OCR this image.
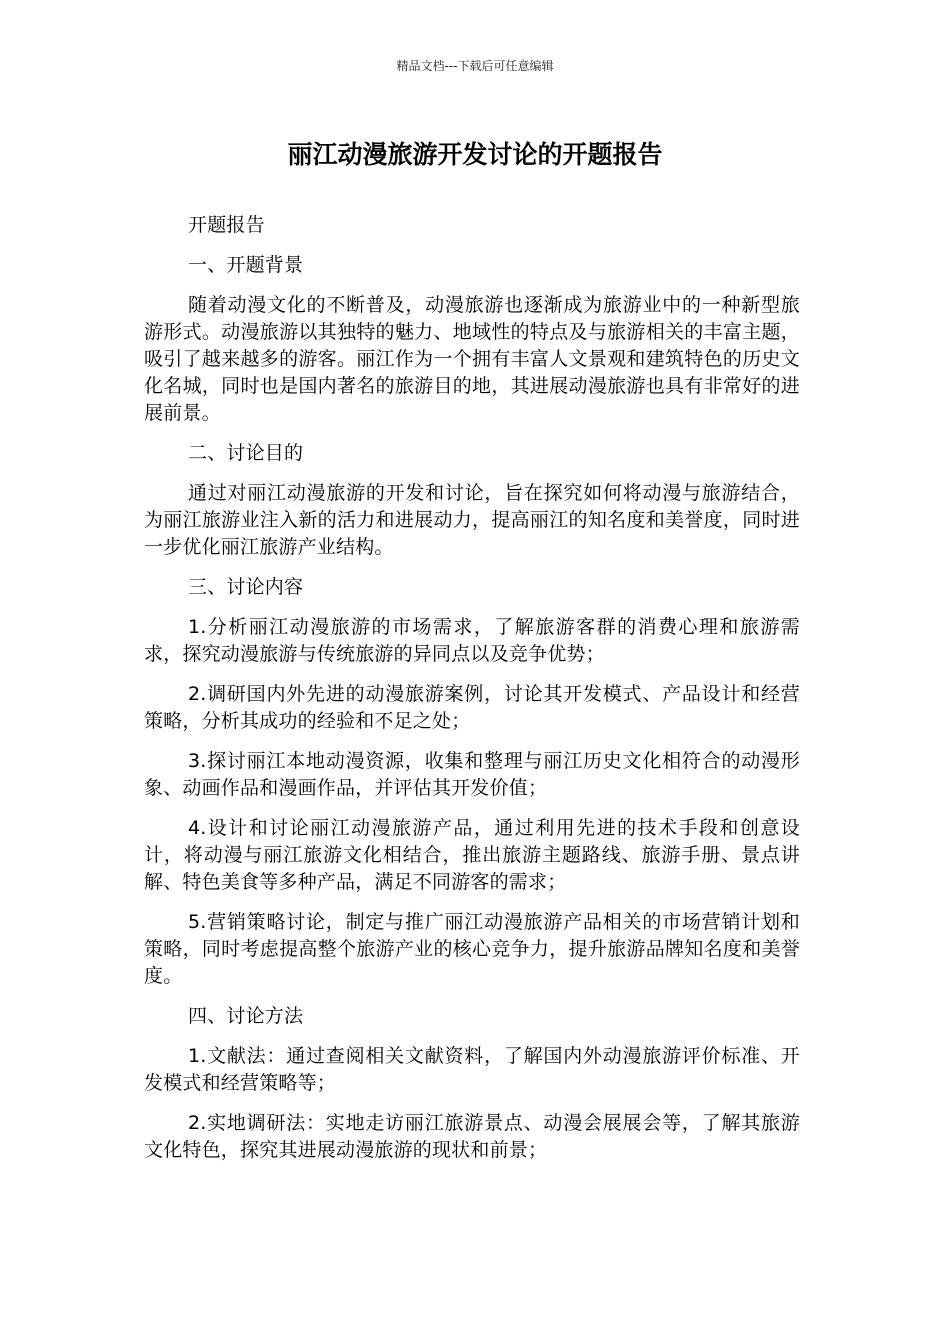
精品文档---下载后可任意编辑
丽江动漫旅游开发讨论的开题报告

开题报告

一、开题背景

随着动漫文化的不断普及，动漫旅游也逐渐成为旅游业中的一种新型旅游形式。动漫旅游以其独特的魅力、地域性的特点及与旅游相关的丰富主题，吸引了越来越多的游客。丽江作为一个拥有丰富人文景观和建筑特色的历史文化名城，同时也是国内著名的旅游目的地，其进展动漫旅游也具有非常好的进展前景。

二、讨论目的

通过对丽江动漫旅游的开发和讨论，旨在探究如何将动漫与旅游结合，为丽江旅游业注入新的活力和进展动力，提高丽江的知名度和美誉度，同时进一步优化丽江旅游产业结构。

三、讨论内容

1.分析丽江动漫旅游的市场需求，了解旅游客群的消费心理和旅游需求，探究动漫旅游与传统旅游的异同点以及竞争优势；

2.调研国内外先进的动漫旅游案例，讨论其开发模式、产品设计和经营策略，分析其成功的经验和不足之处；

3.探讨丽江本地动漫资源，收集和整理与丽江历史文化相符合的动漫形象、动画作品和漫画作品，并评估其开发价值；

4.设计和讨论丽江动漫旅游产品，通过利用先进的技术手段和创意设计，将动漫与丽江旅游文化相结合，推出旅游主题路线、旅游手册、景点讲解、特色美食等多种产品，满足不同游客的需求；

5.营销策略讨论，制定与推广丽江动漫旅游产品相关的市场营销计划和策略，同时考虑提高整个旅游产业的核心竞争力，提升旅游品牌知名度和美誉度。

四、讨论方法

1.文献法：通过查阅相关文献资料，了解国内外动漫旅游评价标准、开发模式和经营策略等；

2.实地调研法：实地走访丽江旅游景点、动漫会展展会等，了解其旅游文化特色，探究其进展动漫旅游的现状和前景；
